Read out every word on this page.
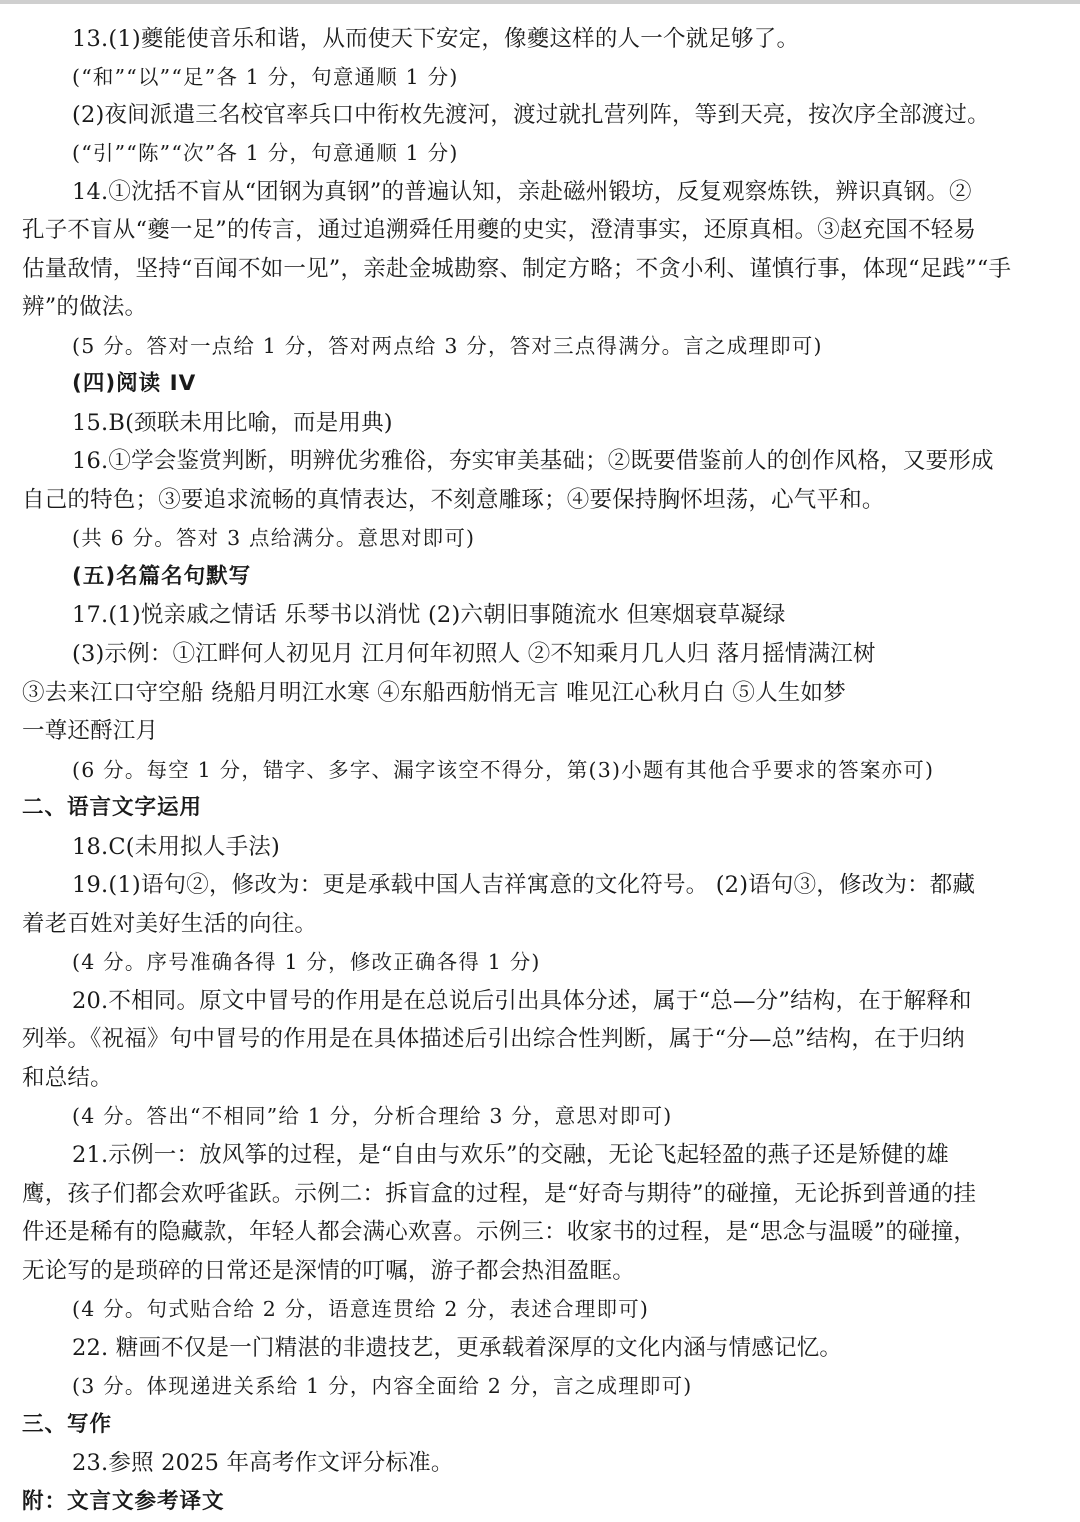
13.(1)夔能使音乐和谐，从而使天下安定，像夔这样的人一个就足够了。
(“和”“以”“足”各 1 分，句意通顺 1 分)
(2)夜间派遣三名校官率兵口中衔枚先渡河，渡过就扎营列阵，等到天亮，按次序全部渡过。
(“引”“陈”“次”各 1 分，句意通顺 1 分)
14.①沈括不盲从“团钢为真钢”的普遍认知，亲赴磁州锻坊，反复观察炼铁，辨识真钢。②
孔子不盲从“夔一足”的传言，通过追溯舜任用夔的史实，澄清事实，还原真相。③赵充国不轻易
估量敌情，坚持“百闻不如一见”，亲赴金城勘察、制定方略；不贪小利、谨慎行事，体现“足践”“手
辨”的做法。
(5 分。答对一点给 1 分，答对两点给 3 分，答对三点得满分。言之成理即可)
(四)阅读 IV
15.B(颈联未用比喻，而是用典)
16.①学会鉴赏判断，明辨优劣雅俗，夯实审美基础；②既要借鉴前人的创作风格，又要形成
自己的特色；③要追求流畅的真情表达，不刻意雕琢；④要保持胸怀坦荡，心气平和。
(共 6 分。答对 3 点给满分。意思对即可)
(五)名篇名句默写
17.(1)悦亲戚之情话 乐琴书以消忧 (2)六朝旧事随流水 但寒烟衰草凝绿
(3)示例：①江畔何人初见月 江月何年初照人 ②不知乘月几人归 落月摇情满江树
③去来江口守空船 绕船月明江水寒 ④东船西舫悄无言 唯见江心秋月白 ⑤人生如梦
一尊还酹江月
(6 分。每空 1 分，错字、多字、漏字该空不得分，第(3)小题有其他合乎要求的答案亦可)
二、语言文字运用
18.C(未用拟人手法)
19.(1)语句②，修改为：更是承载中国人吉祥寓意的文化符号。 (2)语句③，修改为：都藏
着老百姓对美好生活的向往。
(4 分。序号准确各得 1 分，修改正确各得 1 分)
20.不相同。原文中冒号的作用是在总说后引出具体分述，属于“总—分”结构，在于解释和
列举。《祝福》句中冒号的作用是在具体描述后引出综合性判断，属于“分—总”结构，在于归纳
和总结。
(4 分。答出“不相同”给 1 分，分析合理给 3 分，意思对即可)
21.示例一：放风筝的过程，是“自由与欢乐”的交融，无论飞起轻盈的燕子还是矫健的雄
鹰，孩子们都会欢呼雀跃。示例二：拆盲盒的过程，是“好奇与期待”的碰撞，无论拆到普通的挂
件还是稀有的隐藏款，年轻人都会满心欢喜。示例三：收家书的过程，是“思念与温暖”的碰撞，
无论写的是琐碎的日常还是深情的叮嘱，游子都会热泪盈眶。
(4 分。句式贴合给 2 分，语意连贯给 2 分，表述合理即可)
22. 糖画不仅是一门精湛的非遗技艺，更承载着深厚的文化内涵与情感记忆。
(3 分。体现递进关系给 1 分，内容全面给 2 分，言之成理即可)
三、写作
23.参照 2025 年高考作文评分标准。
附：文言文参考译文
